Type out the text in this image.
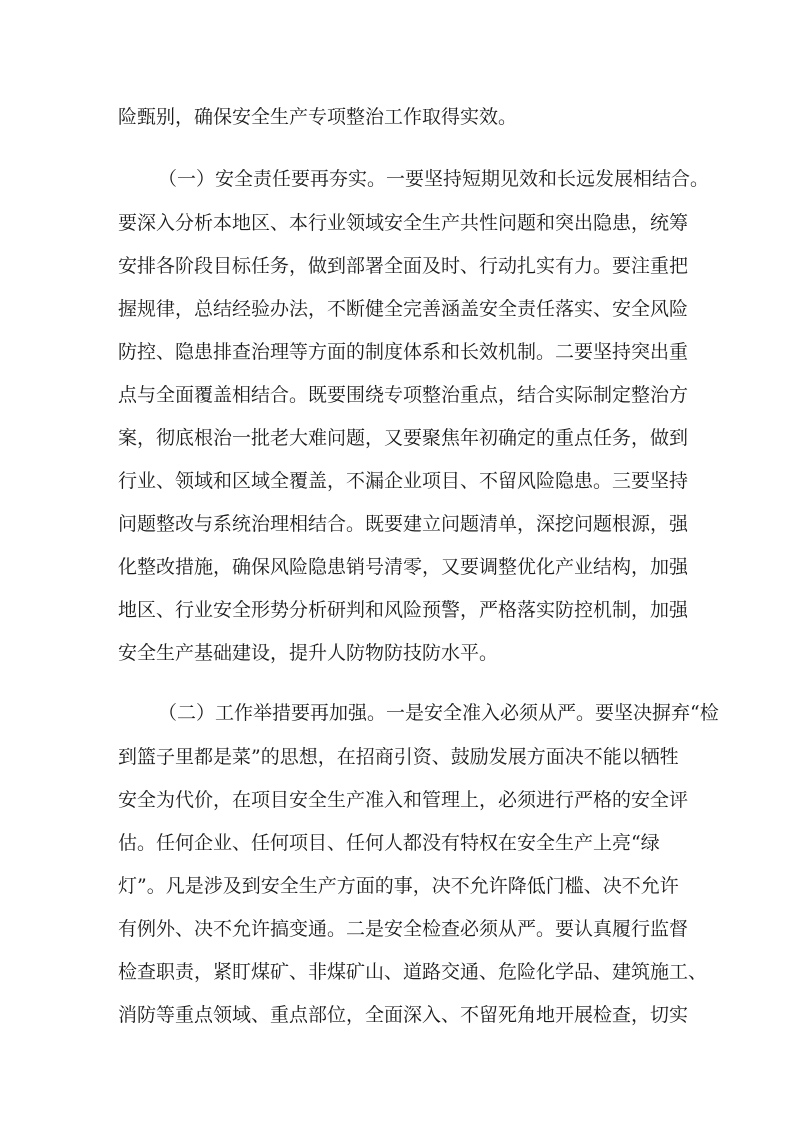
险甄别，确保安全生产专项整治工作取得实效。
（一）安全责任要再夯实。一要坚持短期见效和长远发展相结合。
要深入分析本地区、本行业领域安全生产共性问题和突出隐患，统筹
安排各阶段目标任务，做到部署全面及时、行动扎实有力。要注重把
握规律，总结经验办法，不断健全完善涵盖安全责任落实、安全风险
防控、隐患排查治理等方面的制度体系和长效机制。二要坚持突出重
点与全面覆盖相结合。既要围绕专项整治重点，结合实际制定整治方
案，彻底根治一批老大难问题，又要聚焦年初确定的重点任务，做到
行业、领域和区域全覆盖，不漏企业项目、不留风险隐患。三要坚持
问题整改与系统治理相结合。既要建立问题清单，深挖问题根源，强
化整改措施，确保风险隐患销号清零，又要调整优化产业结构，加强
地区、行业安全形势分析研判和风险预警，严格落实防控机制，加强
安全生产基础建设，提升人防物防技防水平。
（二）工作举措要再加强。一是安全准入必须从严。要坚决摒弃“检
到篮子里都是菜”的思想，在招商引资、鼓励发展方面决不能以牺牲
安全为代价，在项目安全生产准入和管理上，必须进行严格的安全评
估。任何企业、任何项目、任何人都没有特权在安全生产上亮“绿
灯”。凡是涉及到安全生产方面的事，决不允许降低门槛、决不允许
有例外、决不允许搞变通。二是安全检查必须从严。要认真履行监督
检查职责，紧盯煤矿、非煤矿山、道路交通、危险化学品、建筑施工、
消防等重点领域、重点部位，全面深入、不留死角地开展检查，切实
